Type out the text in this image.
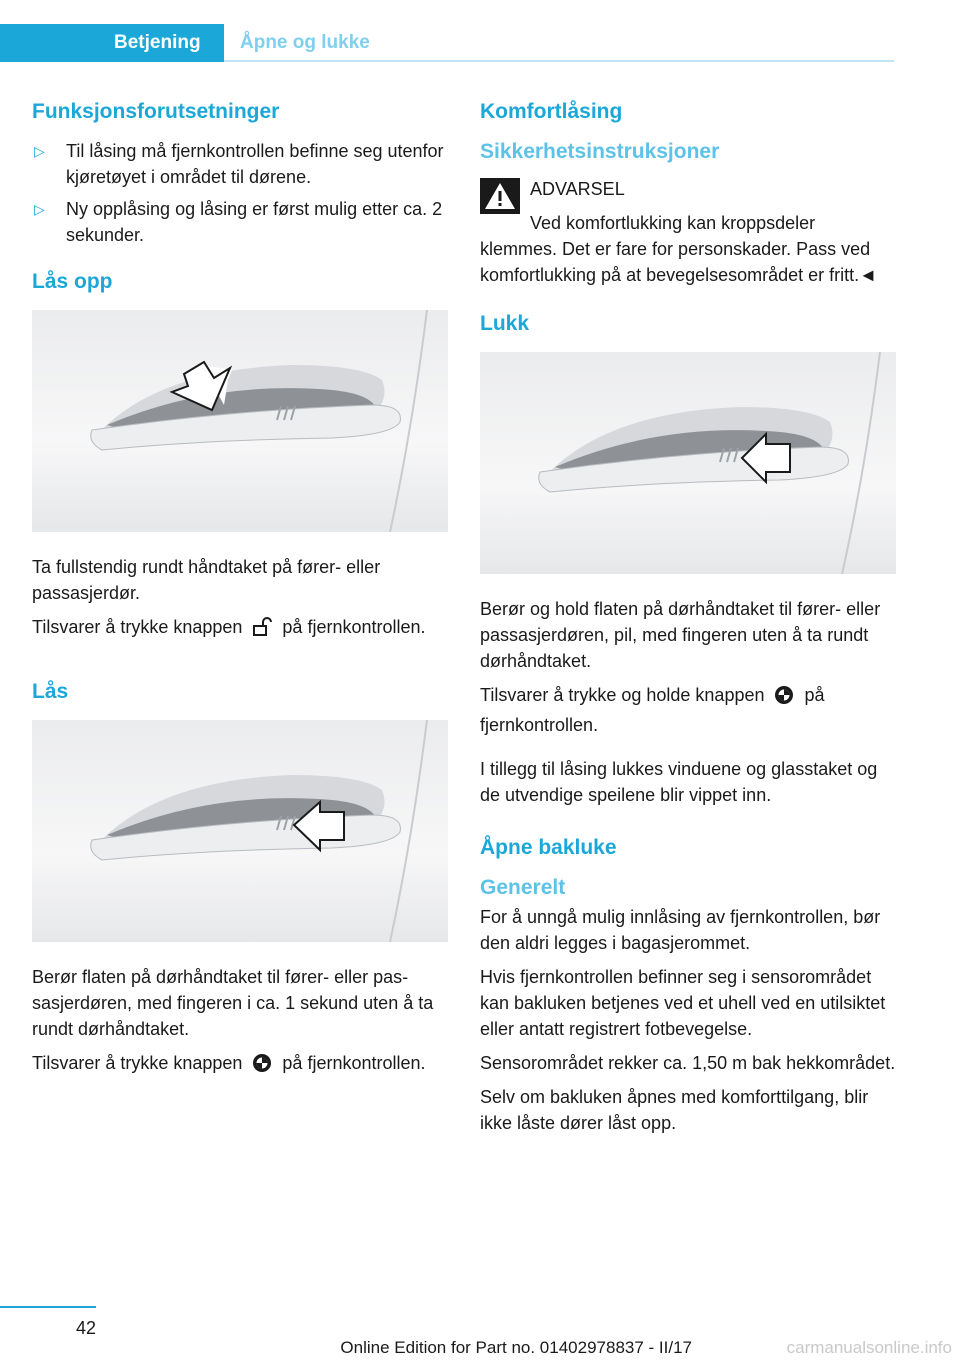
Betjening	Åpne og lukke
Funksjonsforutsetninger
▷ Til låsing må fjernkontrollen befinne seg utenfor kjøretøyet i området til dørene.
▷ Ny opplåsing og låsing er først mulig etter ca. 2 sekunder.
Lås opp

Ta fullstendig rundt håndtaket på fører- eller passasjerdør.

Tilsvarer å trykke knappen på fjernkontrollen.

Lås

Berør flaten på dørhåndtaket til fører- eller passasjerdøren, med fingeren i ca. 1 sekund uten å ta rundt dørhåndtaket.

Tilsvarer å trykke knappen på fjernkontrollen.

Komfortlåsing
Sikkerhetsinstruksjoner
ADVARSEL
Ved komfortlukking kan kroppsdeler klemmes. Det er fare for personskader. Pass ved komfortlukking på at bevegelsesområdet er fritt.◄
Lukk

Berør og hold flaten på dørhåndtaket til fører- eller passasjerdøren, pil, med fingeren uten å ta rundt dørhåndtaket.

Tilsvarer å trykke og holde knappen på fjernkontrollen.

I tillegg til låsing lukkes vinduene og glasstaket og de utvendige speilene blir vippet inn.

Åpne bakluke
Generelt

For å unngå mulig innlåsing av fjernkontrollen, bør den aldri legges i bagasjerommet.

Hvis fjernkontrollen befinner seg i sensorområdet kan bakluken betjenes ved et uhell ved en utilsiktet eller antatt registrert fotbevegelse.

Sensorområdet rekker ca. 1,50 m bak hekkområdet.

Selv om bakluken åpnes med komforttilgang, blir ikke låste dører låst opp.

42
Online Edition for Part no. 01402978837 - II/17	carmanualsonline.info
